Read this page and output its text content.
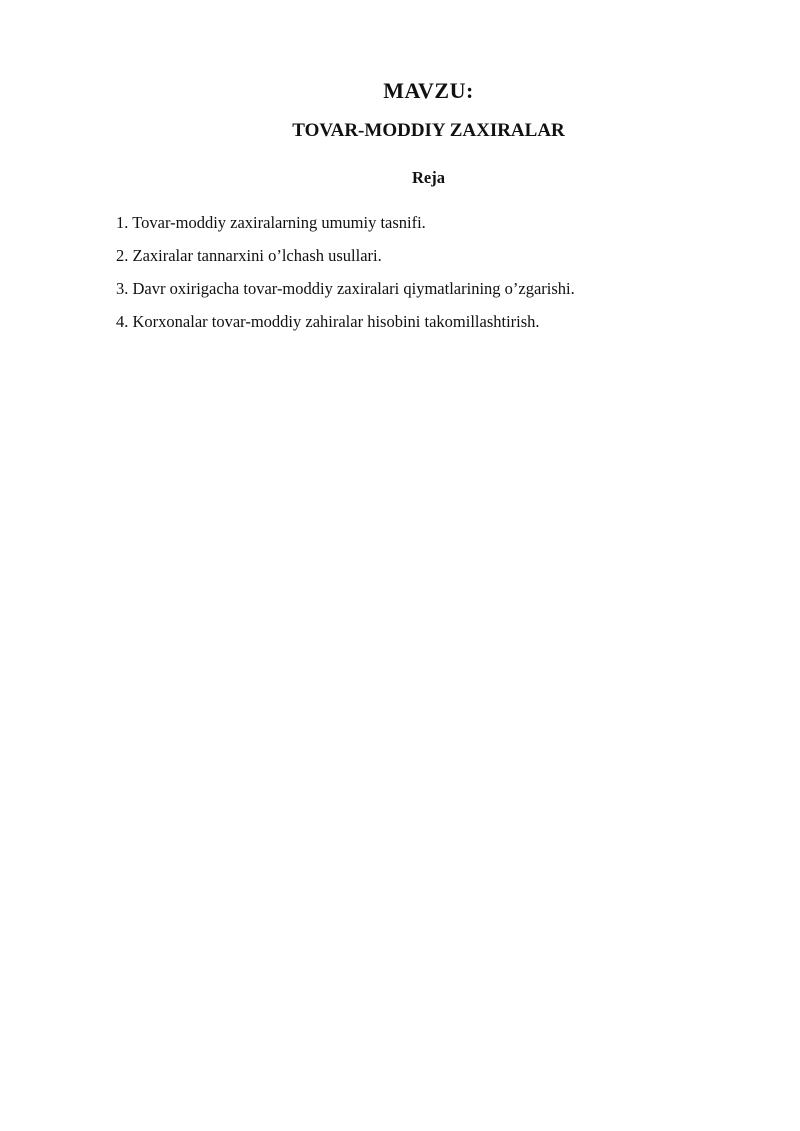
MAVZU:
TOVAR-MODDIY ZAXIRALAR
Reja
1. Tovar-moddiy zaxiralarning umumiy tasnifi.
2. Zaxiralar tannarxini o’lchash usullari.
3. Davr oxirigacha tovar-moddiy zaxiralari qiymatlarining o’zgarishi.
4. Korxonalar tovar-moddiy zahiralar hisobini takomillashtirish.
